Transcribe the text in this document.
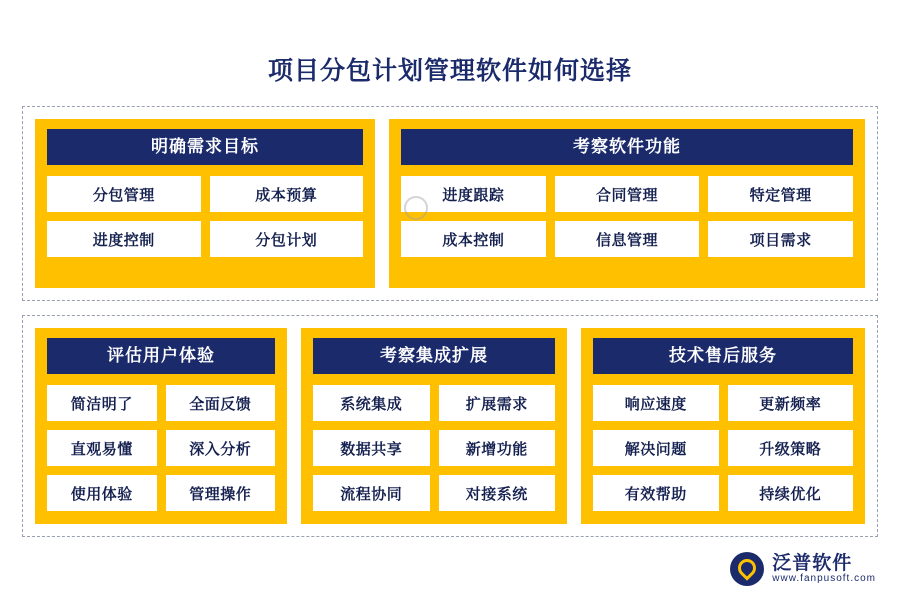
项目分包计划管理软件如何选择
明确需求目标
分包管理	成本预算
进度控制	分包计划
考察软件功能
进度跟踪	合同管理	特定管理
成本控制	信息管理	项目需求
评估用户体验
简洁明了	全面反馈
直观易懂	深入分析
使用体验	管理操作
考察集成扩展
系统集成	扩展需求
数据共享	新增功能
流程协同	对接系统
技术售后服务
响应速度	更新频率
解决问题	升级策略
有效帮助	持续优化
泛普软件
www.fanpusoft.com
